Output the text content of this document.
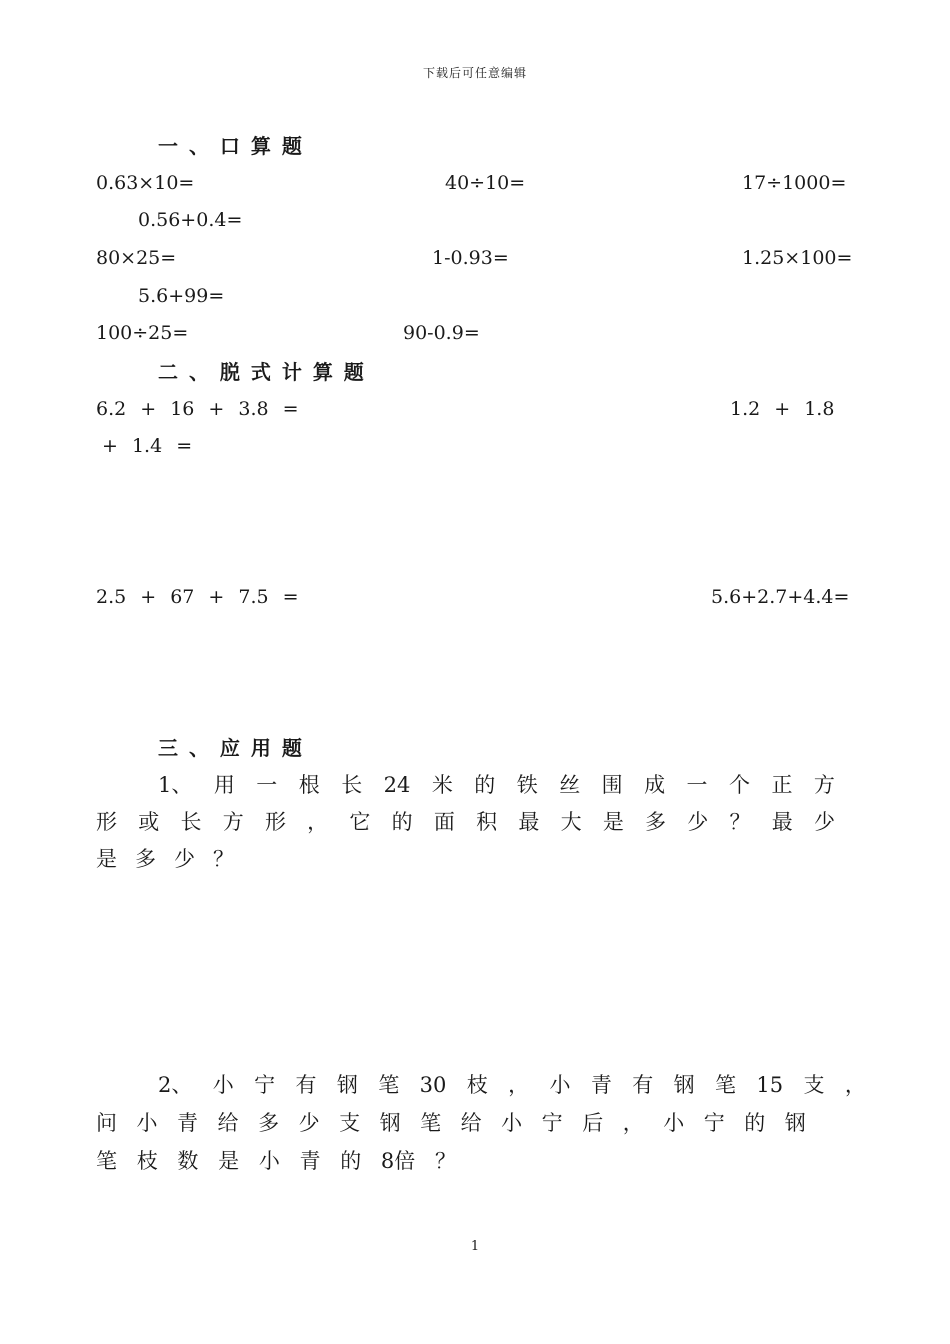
下载后可任意编辑
一 、 口 算 题
0.63×10=	40÷10=	17÷1000=
0.56+0.4=
80×25=	1-0.93=	1.25×100=
5.6+99=
100÷25=	90-0.9=
二 、 脱 式 计 算 题
6.2 + 16 + 3.8 =	1.2 + 1.8
+ 1.4 =
2.5 + 67 + 7.5 =	5.6+2.7+4.4=
三 、 应 用 题
1、 用 一 根 长 24 米 的 铁 丝 围 成 一 个 正 方
形 或 长 方 形 ， 它 的 面 积 最 大 是 多 少 ？ 最 少
是 多 少 ？
2、 小 宁 有 钢 笔 30 枝 ， 小 青 有 钢 笔 15 支 ，
问 小 青 给 多 少 支 钢 笔 给 小 宁 后 ， 小 宁 的 钢
笔 枝 数 是 小 青 的 8倍 ？
1
